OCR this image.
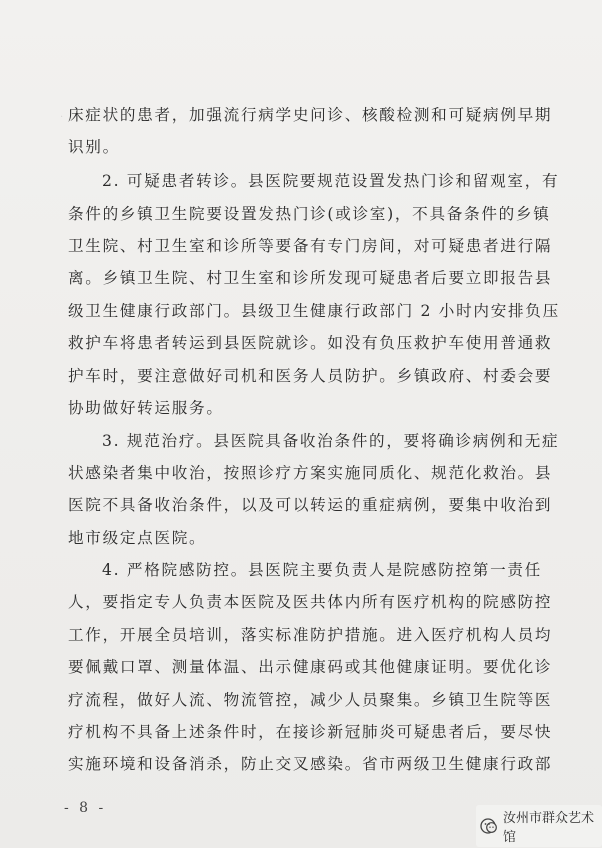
· 床症状的患者，加强流行病学史问诊、核酸检测和可疑病例早期
识别。
2. 可疑患者转诊。县医院要规范设置发热门诊和留观室，有
条件的乡镇卫生院要设置发热门诊(或诊室)，不具备条件的乡镇
卫生院、村卫生室和诊所等要备有专门房间，对可疑患者进行隔
离。乡镇卫生院、村卫生室和诊所发现可疑患者后要立即报告县
级卫生健康行政部门。县级卫生健康行政部门 2 小时内安排负压
救护车将患者转运到县医院就诊。如没有负压救护车使用普通救
护车时，要注意做好司机和医务人员防护。乡镇政府、村委会要
协助做好转运服务。
3. 规范治疗。县医院具备收治条件的，要将确诊病例和无症
状感染者集中收治，按照诊疗方案实施同质化、规范化救治。县
医院不具备收治条件，以及可以转运的重症病例，要集中收治到
地市级定点医院。
4. 严格院感防控。县医院主要负责人是院感防控第一责任
人，要指定专人负责本医院及医共体内所有医疗机构的院感防控
工作，开展全员培训，落实标准防护措施。进入医疗机构人员均
要佩戴口罩、测量体温、出示健康码或其他健康证明。要优化诊
疗流程，做好人流、物流管控，减少人员聚集。乡镇卫生院等医
疗机构不具备上述条件时，在接诊新冠肺炎可疑患者后，要尽快
实施环境和设备消杀，防止交叉感染。省市两级卫生健康行政部
- 8 -
汝州市群众艺术馆
